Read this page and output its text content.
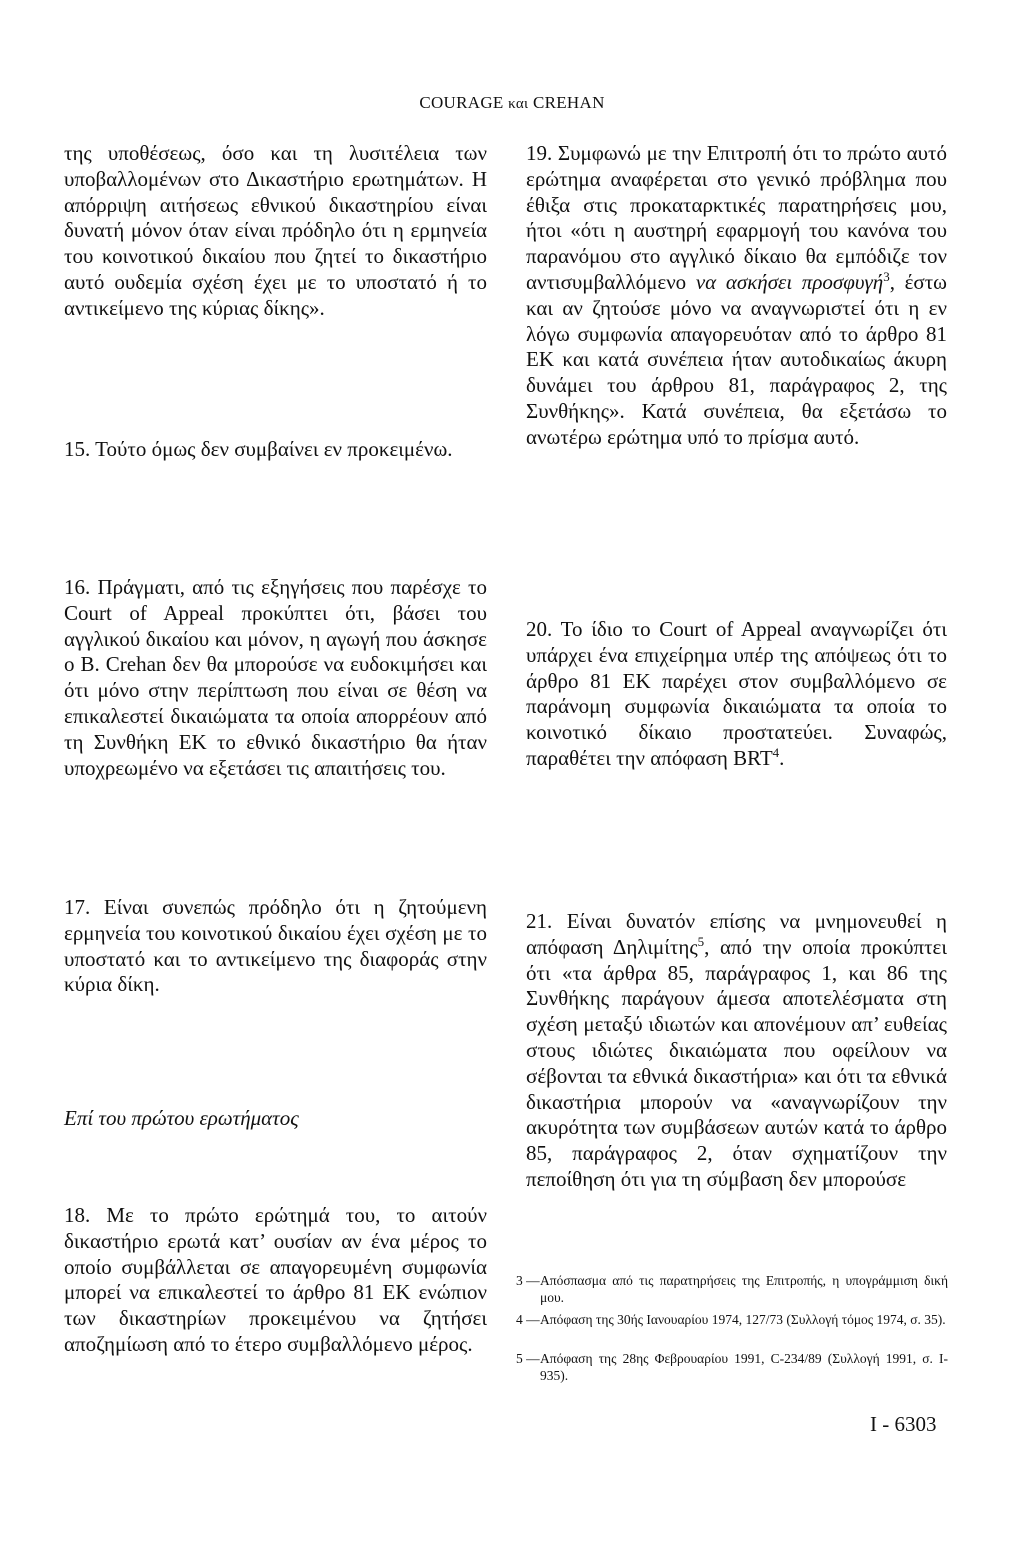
COURAGE και CREHAN

της υποθέσεως, όσο και τη λυσιτέλεια των υποβαλλομένων στο Δικαστήριο ερωτημάτων. Η απόρριψη αιτήσεως εθνικού δικαστηρίου είναι δυνατή μόνον όταν είναι πρόδηλο ότι η ερμηνεία του κοινοτικού δικαίου που ζητεί το δικαστήριο αυτό ουδεμία σχέση έχει με το υποστατό ή το αντικείμενο της κύριας δίκης».

15. Τούτο όμως δεν συμβαίνει εν προκειμένω.

16. Πράγματι, από τις εξηγήσεις που παρέσχε το Court of Appeal προκύπτει ότι, βάσει του αγγλικού δικαίου και μόνον, η αγωγή που άσκησε ο Β. Crehan δεν θα μπορούσε να ευδοκιμήσει και ότι μόνο στην περίπτωση που είναι σε θέση να επικαλεστεί δικαιώματα τα οποία απορρέουν από τη Συνθήκη ΕΚ το εθνικό δικαστήριο θα ήταν υποχρεωμένο να εξετάσει τις απαιτήσεις του.

17. Είναι συνεπώς πρόδηλο ότι η ζητούμενη ερμηνεία του κοινοτικού δικαίου έχει σχέση με το υποστατό και το αντικείμενο της διαφοράς στην κύρια δίκη.

Επί του πρώτου ερωτήματος

18. Με το πρώτο ερώτημά του, το αιτούν δικαστήριο ερωτά κατ’ ουσίαν αν ένα μέρος το οποίο συμβάλλεται σε απαγορευμένη συμφωνία μπορεί να επικαλεστεί το άρθρο 81 ΕΚ ενώπιον των δικαστηρίων προκειμένου να ζητήσει αποζημίωση από το έτερο συμβαλλόμενο μέρος.

19. Συμφωνώ με την Επιτροπή ότι το πρώτο αυτό ερώτημα αναφέρεται στο γενικό πρόβλημα που έθιξα στις προκαταρκτικές παρατηρήσεις μου, ήτοι «ότι η αυστηρή εφαρμογή του κανόνα του παρανόμου στο αγγλικό δίκαιο θα εμπόδιζε τον αντισυμβαλλόμενο να ασκήσει προσφυγή$^3$, έστω και αν ζητούσε μόνο να αναγνωριστεί ότι η εν λόγω συμφωνία απαγορευόταν από το άρθρο 81 ΕΚ και κατά συνέπεια ήταν αυτοδικαίως άκυρη δυνάμει του άρθρου 81, παράγραφος 2, της Συνθήκης». Κατά συνέπεια, θα εξετάσω το ανωτέρω ερώτημα υπό το πρίσμα αυτό.

20. Το ίδιο το Court of Appeal αναγνωρίζει ότι υπάρχει ένα επιχείρημα υπέρ της απόψεως ότι το άρθρο 81 ΕΚ παρέχει στον συμβαλλόμενο σε παράνομη συμφωνία δικαιώματα τα οποία το κοινοτικό δίκαιο προστατεύει. Συναφώς, παραθέτει την απόφαση BRT$^4$.

21. Είναι δυνατόν επίσης να μνημονευθεί η απόφαση Δηλιμίτης$^5$, από την οποία προκύπτει ότι «τα άρθρα 85, παράγραφος 1, και 86 της Συνθήκης παράγουν άμεσα αποτελέσματα στη σχέση μεταξύ ιδιωτών και απονέμουν απ’ ευθείας στους ιδιώτες δικαιώματα που οφείλουν να σέβονται τα εθνικά δικαστήρια» και ότι τα εθνικά δικαστήρια μπορούν να «αναγνωρίζουν την ακυρότητα των συμβάσεων αυτών κατά το άρθρο 85, παράγραφος 2, όταν σχηματίζουν την πεποίθηση ότι για τη σύμβαση δεν μπορούσε

3 — Απόσπασμα από τις παρατηρήσεις της Επιτροπής, η υπογράμμιση δική μου.
4 — Απόφαση της 30ής Ιανουαρίου 1974, 127/73 (Συλλογή τόμος 1974, σ. 35).
5 — Απόφαση της 28ης Φεβρουαρίου 1991, C-234/89 (Συλλογή 1991, σ. I-935).
I - 6303
